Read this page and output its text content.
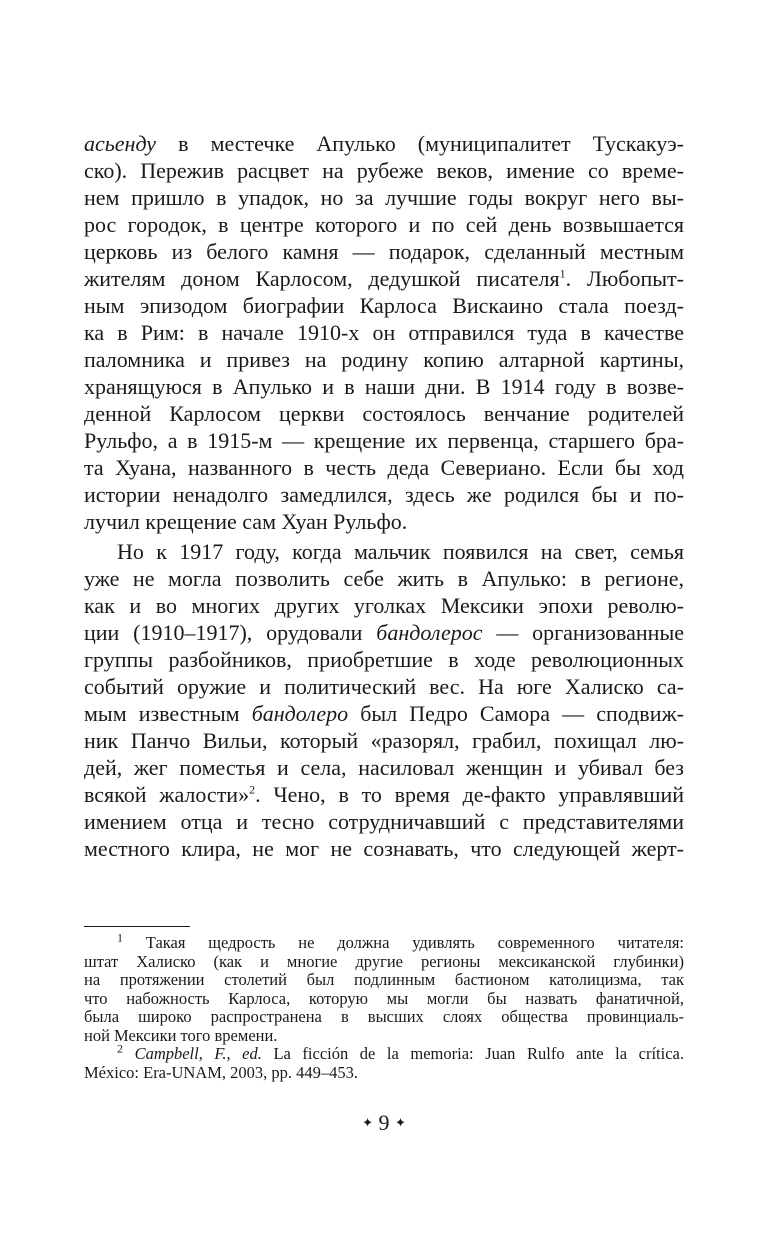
асьенду в местечке Апулько (муниципалитет Тускакуэ-
ско). Пережив расцвет на рубеже веков, имение со време-
нем пришло в упадок, но за лучшие годы вокруг него вы-
рос городок, в центре которого и по сей день возвышается
церковь из белого камня — подарок, сделанный местным
жителям доном Карлосом, дедушкой писателя$^1$. Любопыт-
ным эпизодом биографии Карлоса Вискаино стала поезд-
ка в Рим: в начале 1910-х он отправился туда в качестве
паломника и привез на родину копию алтарной картины,
хранящуюся в Апулько и в наши дни. В 1914 году в возве-
денной Карлосом церкви состоялось венчание родителей
Рульфо, а в 1915-м — крещение их первенца, старшего бра-
та Хуана, названного в честь деда Севериано. Если бы ход
истории ненадолго замедлился, здесь же родился бы и по-
лучил крещение сам Хуан Рульфо.
Но к 1917 году, когда мальчик появился на свет, семья
уже не могла позволить себе жить в Апулько: в регионе,
как и во многих других уголках Мексики эпохи револю-
ции (1910–1917), орудовали бандолерос — организованные
группы разбойников, приобретшие в ходе революционных
событий оружие и политический вес. На юге Халиско са-
мым известным бандолеро был Педро Самора — сподвиж-
ник Панчо Вильи, который «разорял, грабил, похищал лю-
дей, жег поместья и села, насиловал женщин и убивал без
всякой жалости»$^2$. Чено, в то время де-факто управлявший
имением отца и тесно сотрудничавший с представителями
местного клира, не мог не сознавать, что следующей жерт-
$^1$ Такая щедрость не должна удивлять современного читателя:
штат Халиско (как и многие другие регионы мексиканской глубинки)
на протяжении столетий был подлинным бастионом католицизма, так
что набожность Карлоса, которую мы могли бы назвать фанатичной,
была широко распространена в высших слоях общества провинциаль-
ной Мексики того времени.
$^2$ Campbell, F., ed. La ficción de la memoria: Juan Rulfo ante la crítica.
México: Era-UNAM, 2003, pp. 449–453.
✦ 9 ✦
